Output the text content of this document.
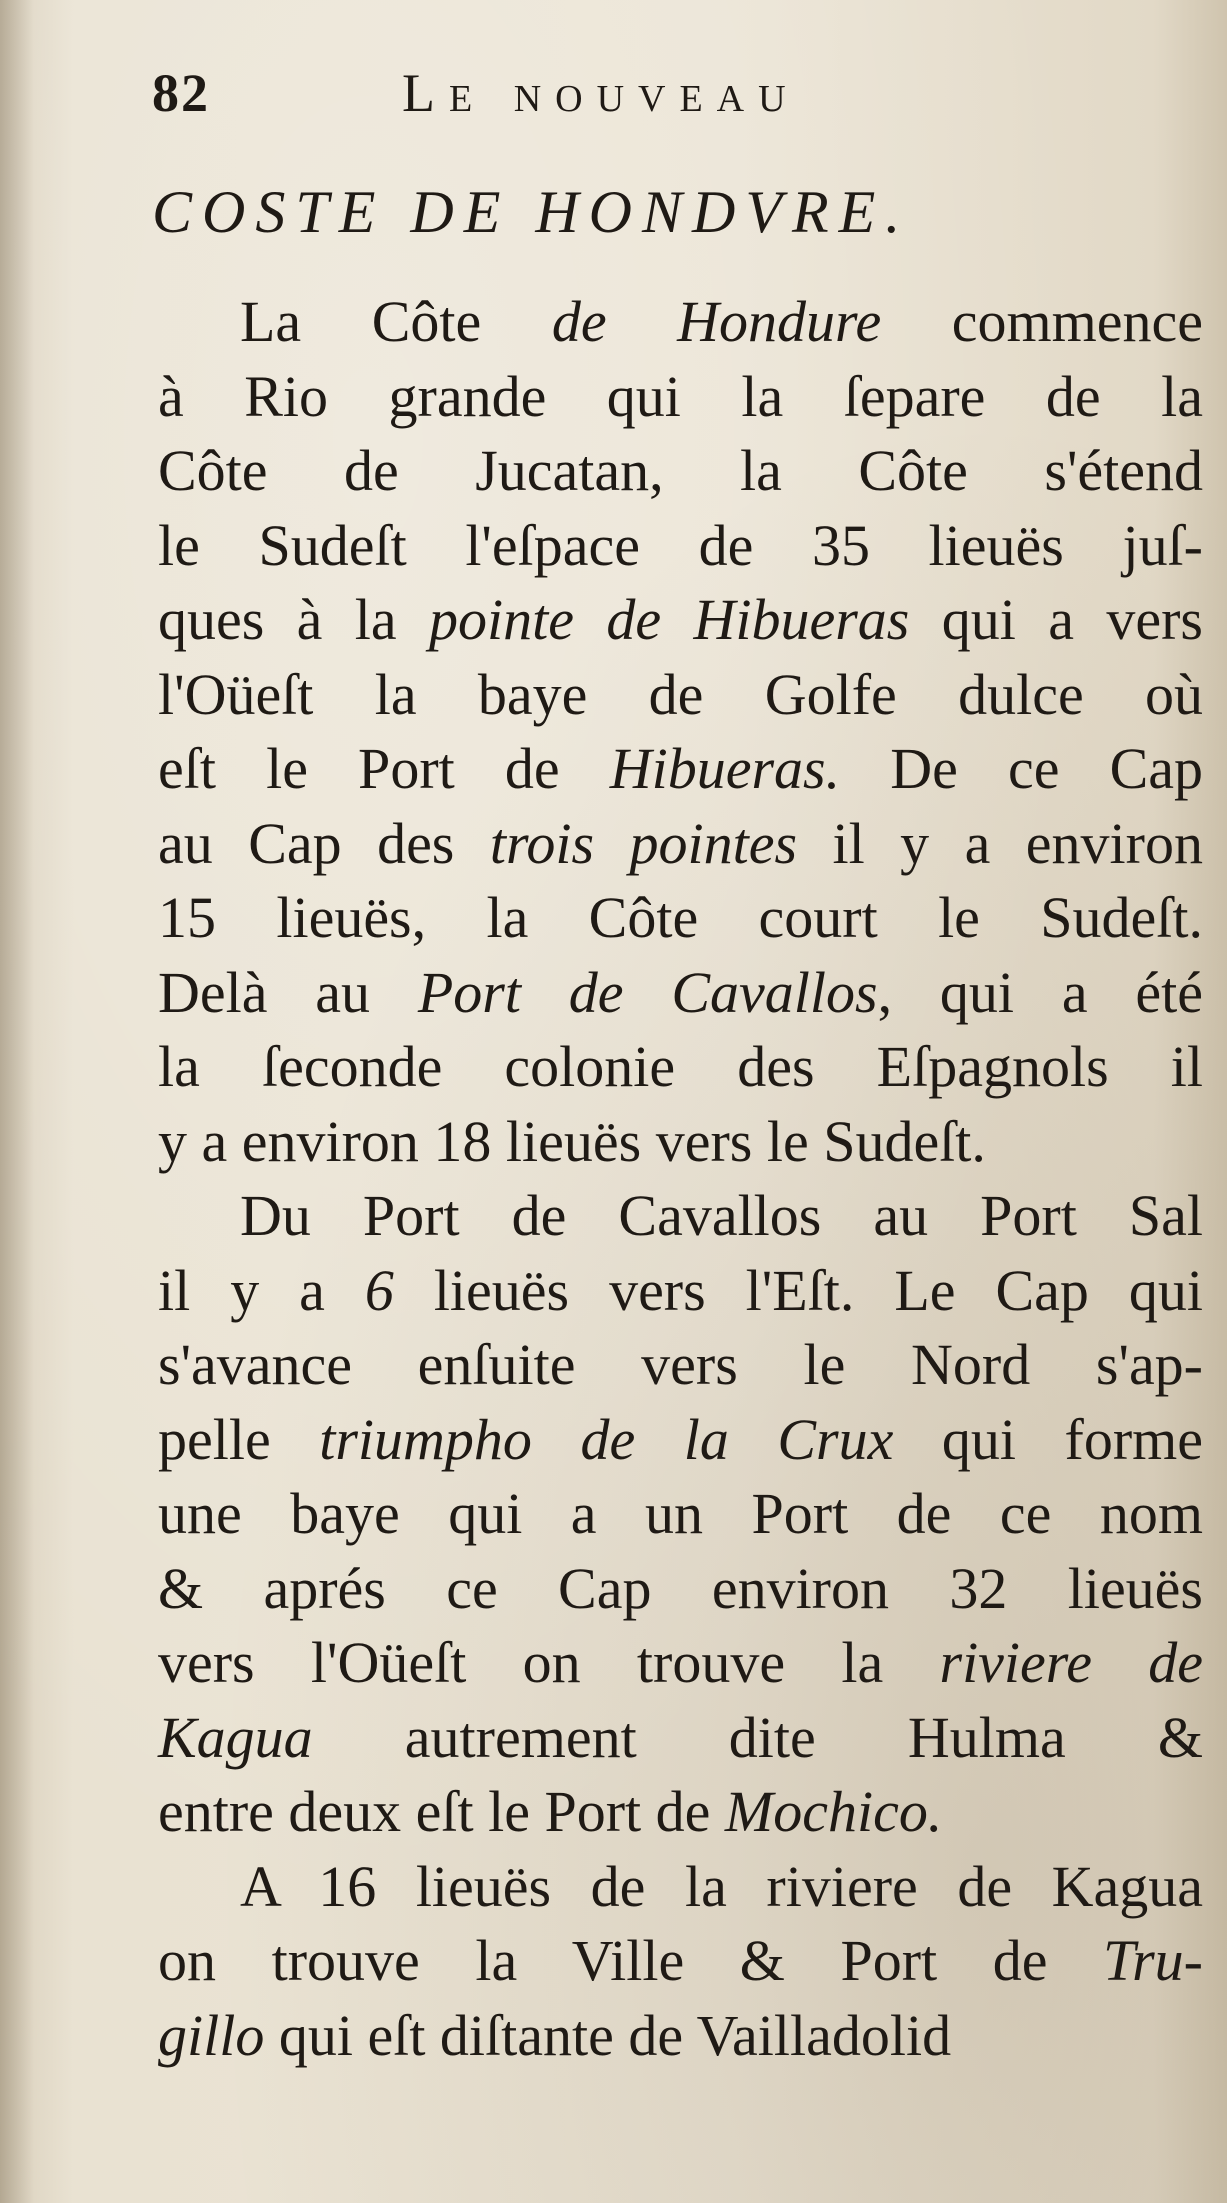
82	Le nouveau
COSTE DE HONDVRE.
La Côte de Hondure commence
à Rio grande qui la ſepare de la
Côte de Jucatan, la Côte s'étend
le Sudeſt l'eſpace de 35 lieuës juſ-
ques à la pointe de Hibueras qui a vers
l'Oüeſt la baye de Golfe dulce où
eſt le Port de Hibueras. De ce Cap
au Cap des trois pointes il y a environ
15 lieuës, la Côte court le Sudeſt.
Delà au Port de Cavallos, qui a été
la ſeconde colonie des Eſpagnols il
y a environ 18 lieuës vers le Sudeſt.
Du Port de Cavallos au Port Sal
il y a 6 lieuës vers l'Eſt. Le Cap qui
s'avance enſuite vers le Nord s'ap-
pelle triumpho de la Crux qui forme
une baye qui a un Port de ce nom
& aprés ce Cap environ 32 lieuës
vers l'Oüeſt on trouve la riviere de
Kagua autrement dite Hulma &
entre deux eſt le Port de Mochico.
A 16 lieuës de la riviere de Kagua
on trouve la Ville & Port de Tru-
gillo qui eſt diſtante de Vailladolid
